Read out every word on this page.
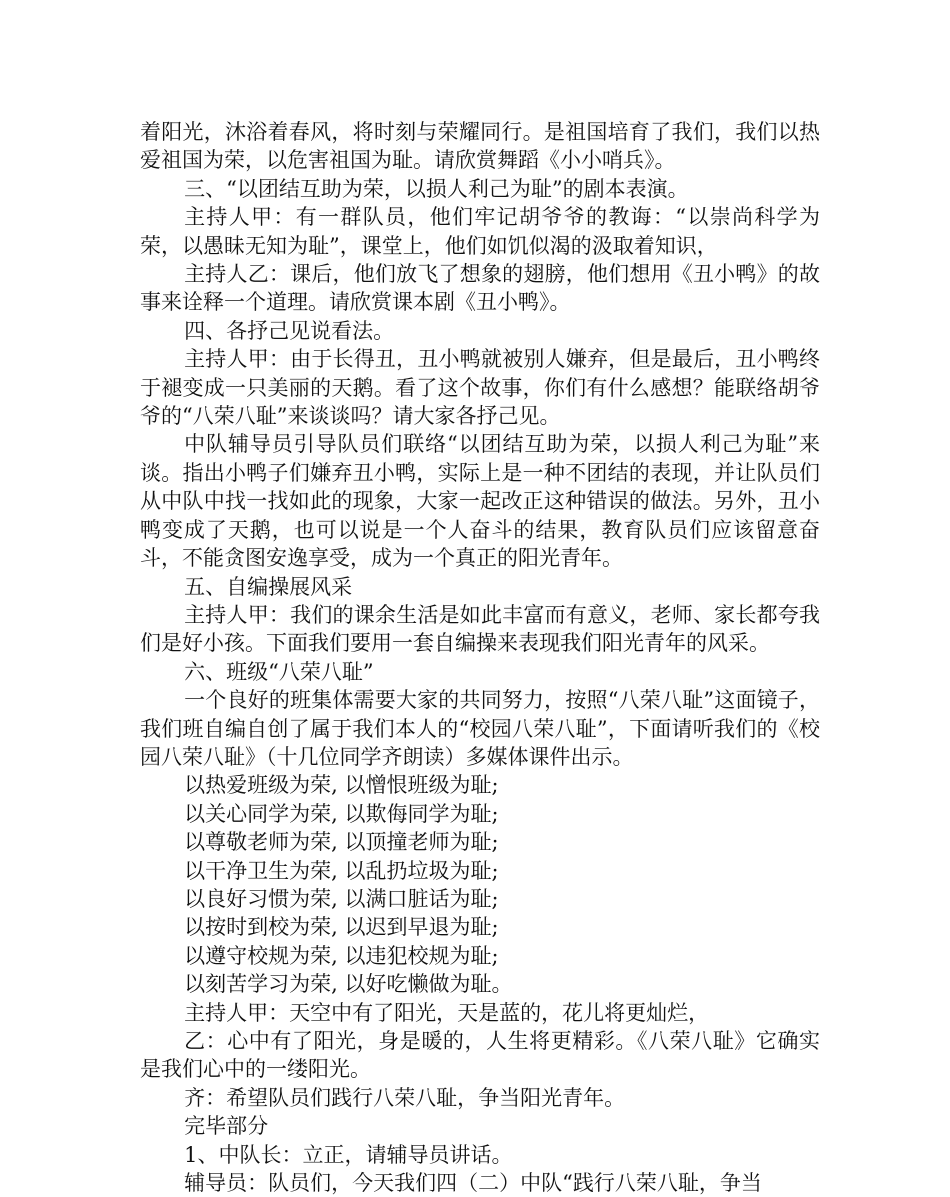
着阳光，沐浴着春风，将时刻与荣耀同行。是祖国培育了我们，我们以热爱祖国为荣，以危害祖国为耻。请欣赏舞蹈《小小哨兵》。

三、“以团结互助为荣，以损人利己为耻”的剧本表演。

主持人甲：有一群队员，他们牢记胡爷爷的教诲：“以崇尚科学为荣，以愚昧无知为耻”，课堂上，他们如饥似渴的汲取着知识，

主持人乙：课后，他们放飞了想象的翅膀，他们想用《丑小鸭》的故事来诠释一个道理。请欣赏课本剧《丑小鸭》。

四、各抒己见说看法。

主持人甲：由于长得丑，丑小鸭就被别人嫌弃，但是最后，丑小鸭终于褪变成一只美丽的天鹅。看了这个故事，你们有什么感想？能联络胡爷爷的“八荣八耻”来谈谈吗？请大家各抒己见。

中队辅导员引导队员们联络“以团结互助为荣，以损人利己为耻”来谈。指出小鸭子们嫌弃丑小鸭，实际上是一种不团结的表现，并让队员们从中队中找一找如此的现象，大家一起改正这种错误的做法。另外，丑小鸭变成了天鹅，也可以说是一个人奋斗的结果，教育队员们应该留意奋斗，不能贪图安逸享受，成为一个真正的阳光青年。

五、自编操展风采

主持人甲：我们的课余生活是如此丰富而有意义，老师、家长都夸我们是好小孩。下面我们要用一套自编操来表现我们阳光青年的风采。

六、班级“八荣八耻”

一个良好的班集体需要大家的共同努力，按照“八荣八耻”这面镜子，我们班自编自创了属于我们本人的“校园八荣八耻”，下面请听我们的《校园八荣八耻》（十几位同学齐朗读）多媒体课件出示。

以热爱班级为荣, 以憎恨班级为耻;

以关心同学为荣, 以欺侮同学为耻;

以尊敬老师为荣, 以顶撞老师为耻;

以干净卫生为荣, 以乱扔垃圾为耻;

以良好习惯为荣, 以满口脏话为耻;

以按时到校为荣, 以迟到早退为耻;

以遵守校规为荣, 以违犯校规为耻;

以刻苦学习为荣, 以好吃懒做为耻。

主持人甲：天空中有了阳光，天是蓝的，花儿将更灿烂，

乙：心中有了阳光，身是暖的，人生将更精彩。《八荣八耻》它确实是我们心中的一缕阳光。

齐：希望队员们践行八荣八耻，争当阳光青年。

完毕部分

1、中队长：立正，请辅导员讲话。

辅导员：队员们，今天我们四（二）中队“践行八荣八耻，争当
